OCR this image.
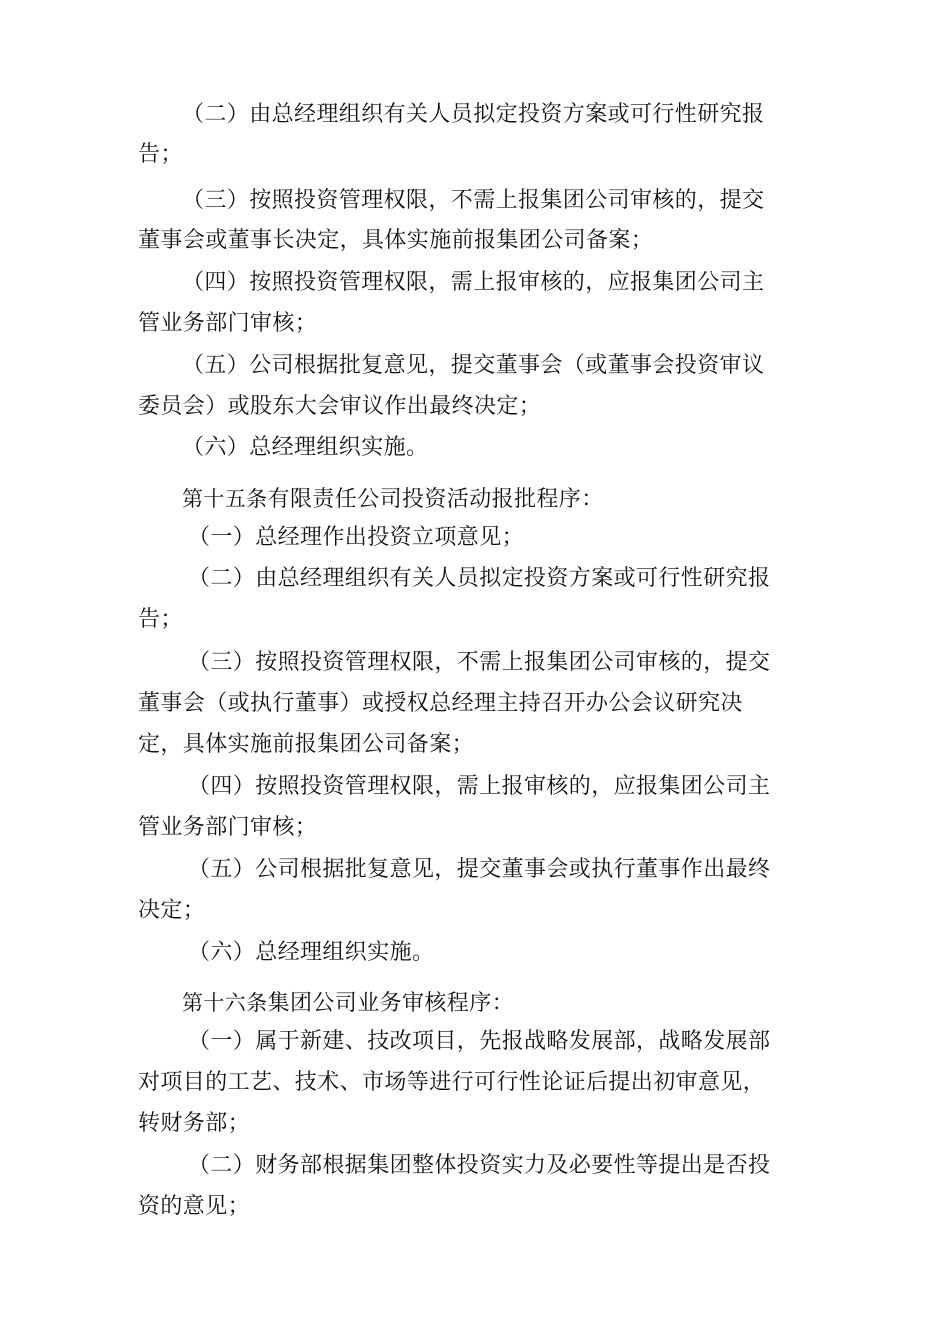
（二）由总经理组织有关人员拟定投资方案或可行性研究报
告；
（三）按照投资管理权限，不需上报集团公司审核的，提交
董事会或董事长决定，具体实施前报集团公司备案；
（四）按照投资管理权限，需上报审核的，应报集团公司主
管业务部门审核；
（五）公司根据批复意见，提交董事会（或董事会投资审议
委员会）或股东大会审议作出最终决定；
（六）总经理组织实施。
第十五条有限责任公司投资活动报批程序：
（一）总经理作出投资立项意见；
（二）由总经理组织有关人员拟定投资方案或可行性研究报
告；
（三）按照投资管理权限，不需上报集团公司审核的，提交
董事会（或执行董事）或授权总经理主持召开办公会议研究决
定，具体实施前报集团公司备案；
（四）按照投资管理权限，需上报审核的，应报集团公司主
管业务部门审核；
（五）公司根据批复意见，提交董事会或执行董事作出最终
决定；
（六）总经理组织实施。
第十六条集团公司业务审核程序：
（一）属于新建、技改项目，先报战略发展部，战略发展部
对项目的工艺、技术、市场等进行可行性论证后提出初审意见，
转财务部；
（二）财务部根据集团整体投资实力及必要性等提出是否投
资的意见；
